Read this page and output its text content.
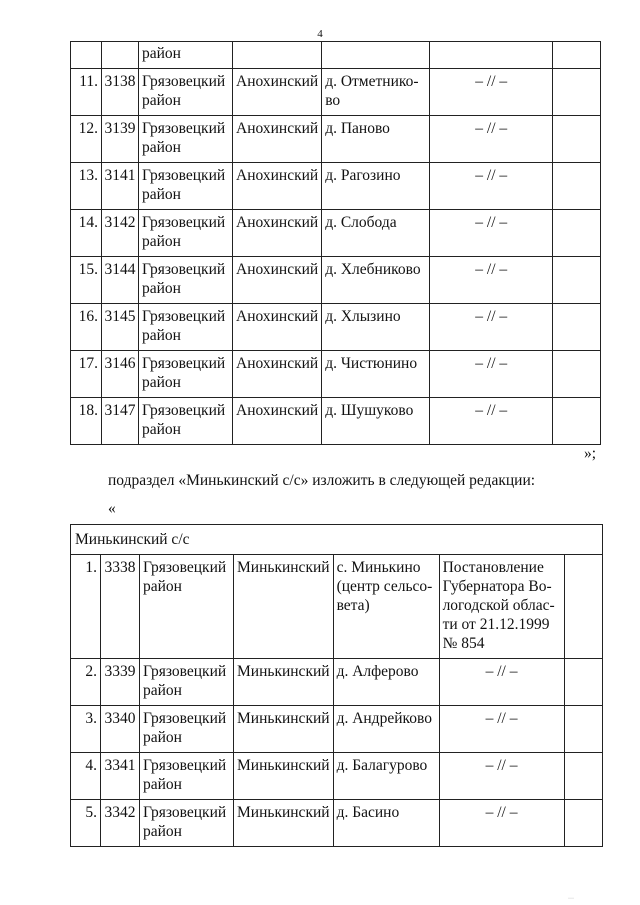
4
		район				
11.	3138	Грязовецкий район	Анохинский	д. Отметнико-во	– // –	
12.	3139	Грязовецкий район	Анохинский	д. Паново	– // –	
13.	3141	Грязовецкий район	Анохинский	д. Рагозино	– // –	
14.	3142	Грязовецкий район	Анохинский	д. Слобода	– // –	
15.	3144	Грязовецкий район	Анохинский	д. Хлебниково	– // –	
16.	3145	Грязовецкий район	Анохинский	д. Хлызино	– // –	
17.	3146	Грязовецкий район	Анохинский	д. Чистюнино	– // –	
18.	3147	Грязовецкий район	Анохинский	д. Шушуково	– // –	
»;
подраздел «Минькинский с/с» изложить в следующей редакции:
«
Минькинский с/с						
1.	3338	Грязовецкий район	Минькинский	с. Минькино (центр сельсо-вета)	Постановление Губернатора Во-логодской облас-ти от 21.12.1999 № 854	
2.	3339	Грязовецкий район	Минькинский	д. Алферово	– // –	
3.	3340	Грязовецкий район	Минькинский	д. Андрейково	– // –	
4.	3341	Грязовецкий район	Минькинский	д. Балагурово	– // –	
5.	3342	Грязовецкий район	Минькинский	д. Басино	– // –	
···
